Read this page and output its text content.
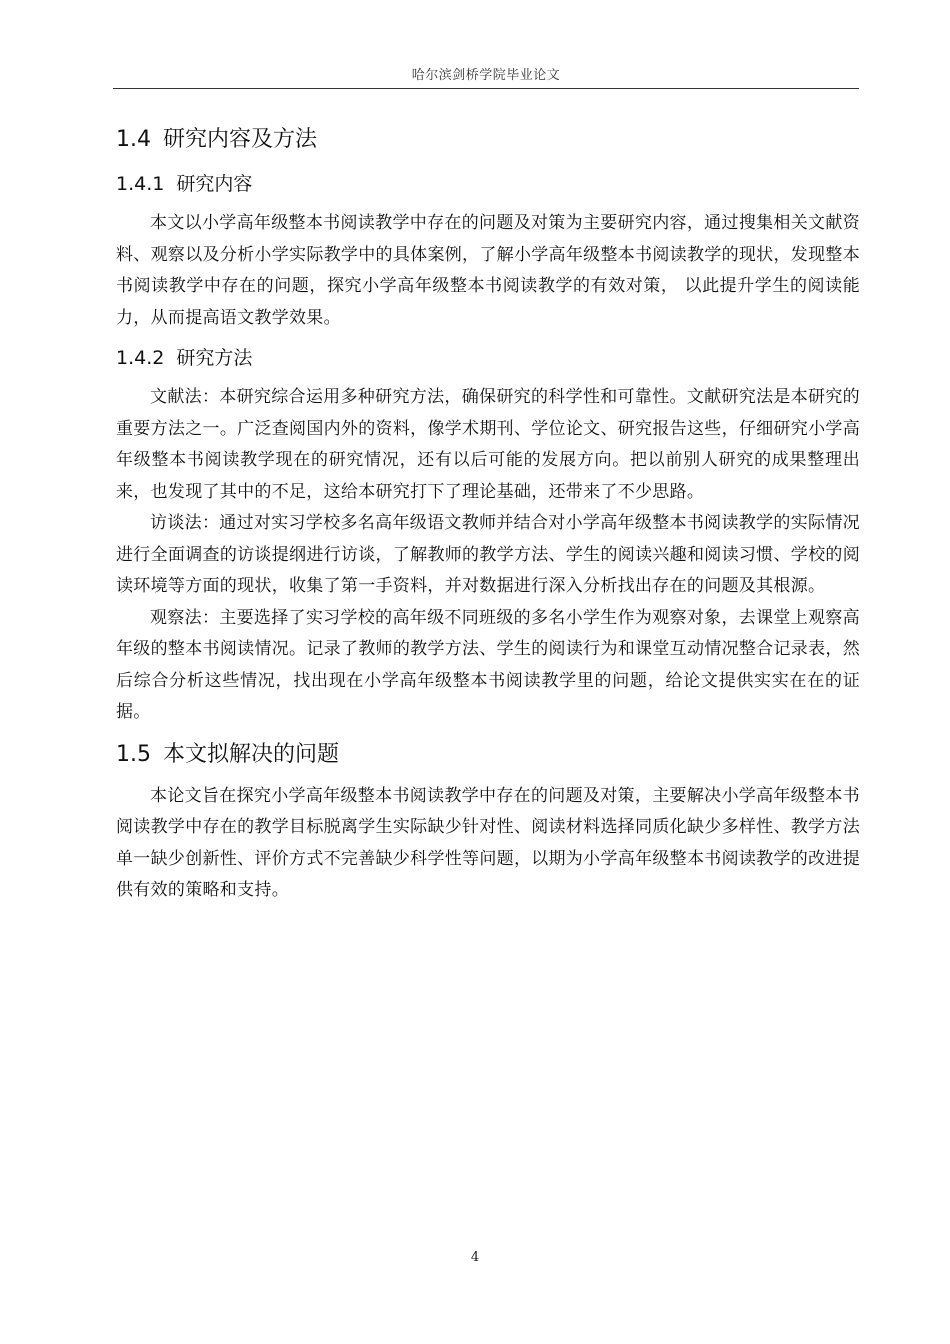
哈尔滨剑桥学院毕业论文
1.4 研究内容及方法
1.4.1 研究内容

本文以小学高年级整本书阅读教学中存在的问题及对策为主要研究内容，通过搜集相关文献资料、观察以及分析小学实际教学中的具体案例，了解小学高年级整本书阅读教学的现状，发现整本书阅读教学中存在的问题，探究小学高年级整本书阅读教学的有效对策， 以此提升学生的阅读能力，从而提高语文教学效果。

1.4.2 研究方法

文献法：本研究综合运用多种研究方法，确保研究的科学性和可靠性。文献研究法是本研究的重要方法之一。广泛查阅国内外的资料，像学术期刊、学位论文、研究报告这些，仔细研究小学高年级整本书阅读教学现在的研究情况，还有以后可能的发展方向。把以前别人研究的成果整理出来，也发现了其中的不足，这给本研究打下了理论基础，还带来了不少思路。

访谈法：通过对实习学校多名高年级语文教师并结合对小学高年级整本书阅读教学的实际情况进行全面调查的访谈提纲进行访谈，了解教师的教学方法、学生的阅读兴趣和阅读习惯、学校的阅读环境等方面的现状，收集了第一手资料，并对数据进行深入分析找出存在的问题及其根源。

观察法：主要选择了实习学校的高年级不同班级的多名小学生作为观察对象，去课堂上观察高年级的整本书阅读情况。记录了教师的教学方法、学生的阅读行为和课堂互动情况整合记录表，然后综合分析这些情况，找出现在小学高年级整本书阅读教学里的问题，给论文提供实实在在的证据。

1.5 本文拟解决的问题

本论文旨在探究小学高年级整本书阅读教学中存在的问题及对策，主要解决小学高年级整本书阅读教学中存在的教学目标脱离学生实际缺少针对性、阅读材料选择同质化缺少多样性、教学方法单一缺少创新性、评价方式不完善缺少科学性等问题，以期为小学高年级整本书阅读教学的改进提供有效的策略和支持。

4
